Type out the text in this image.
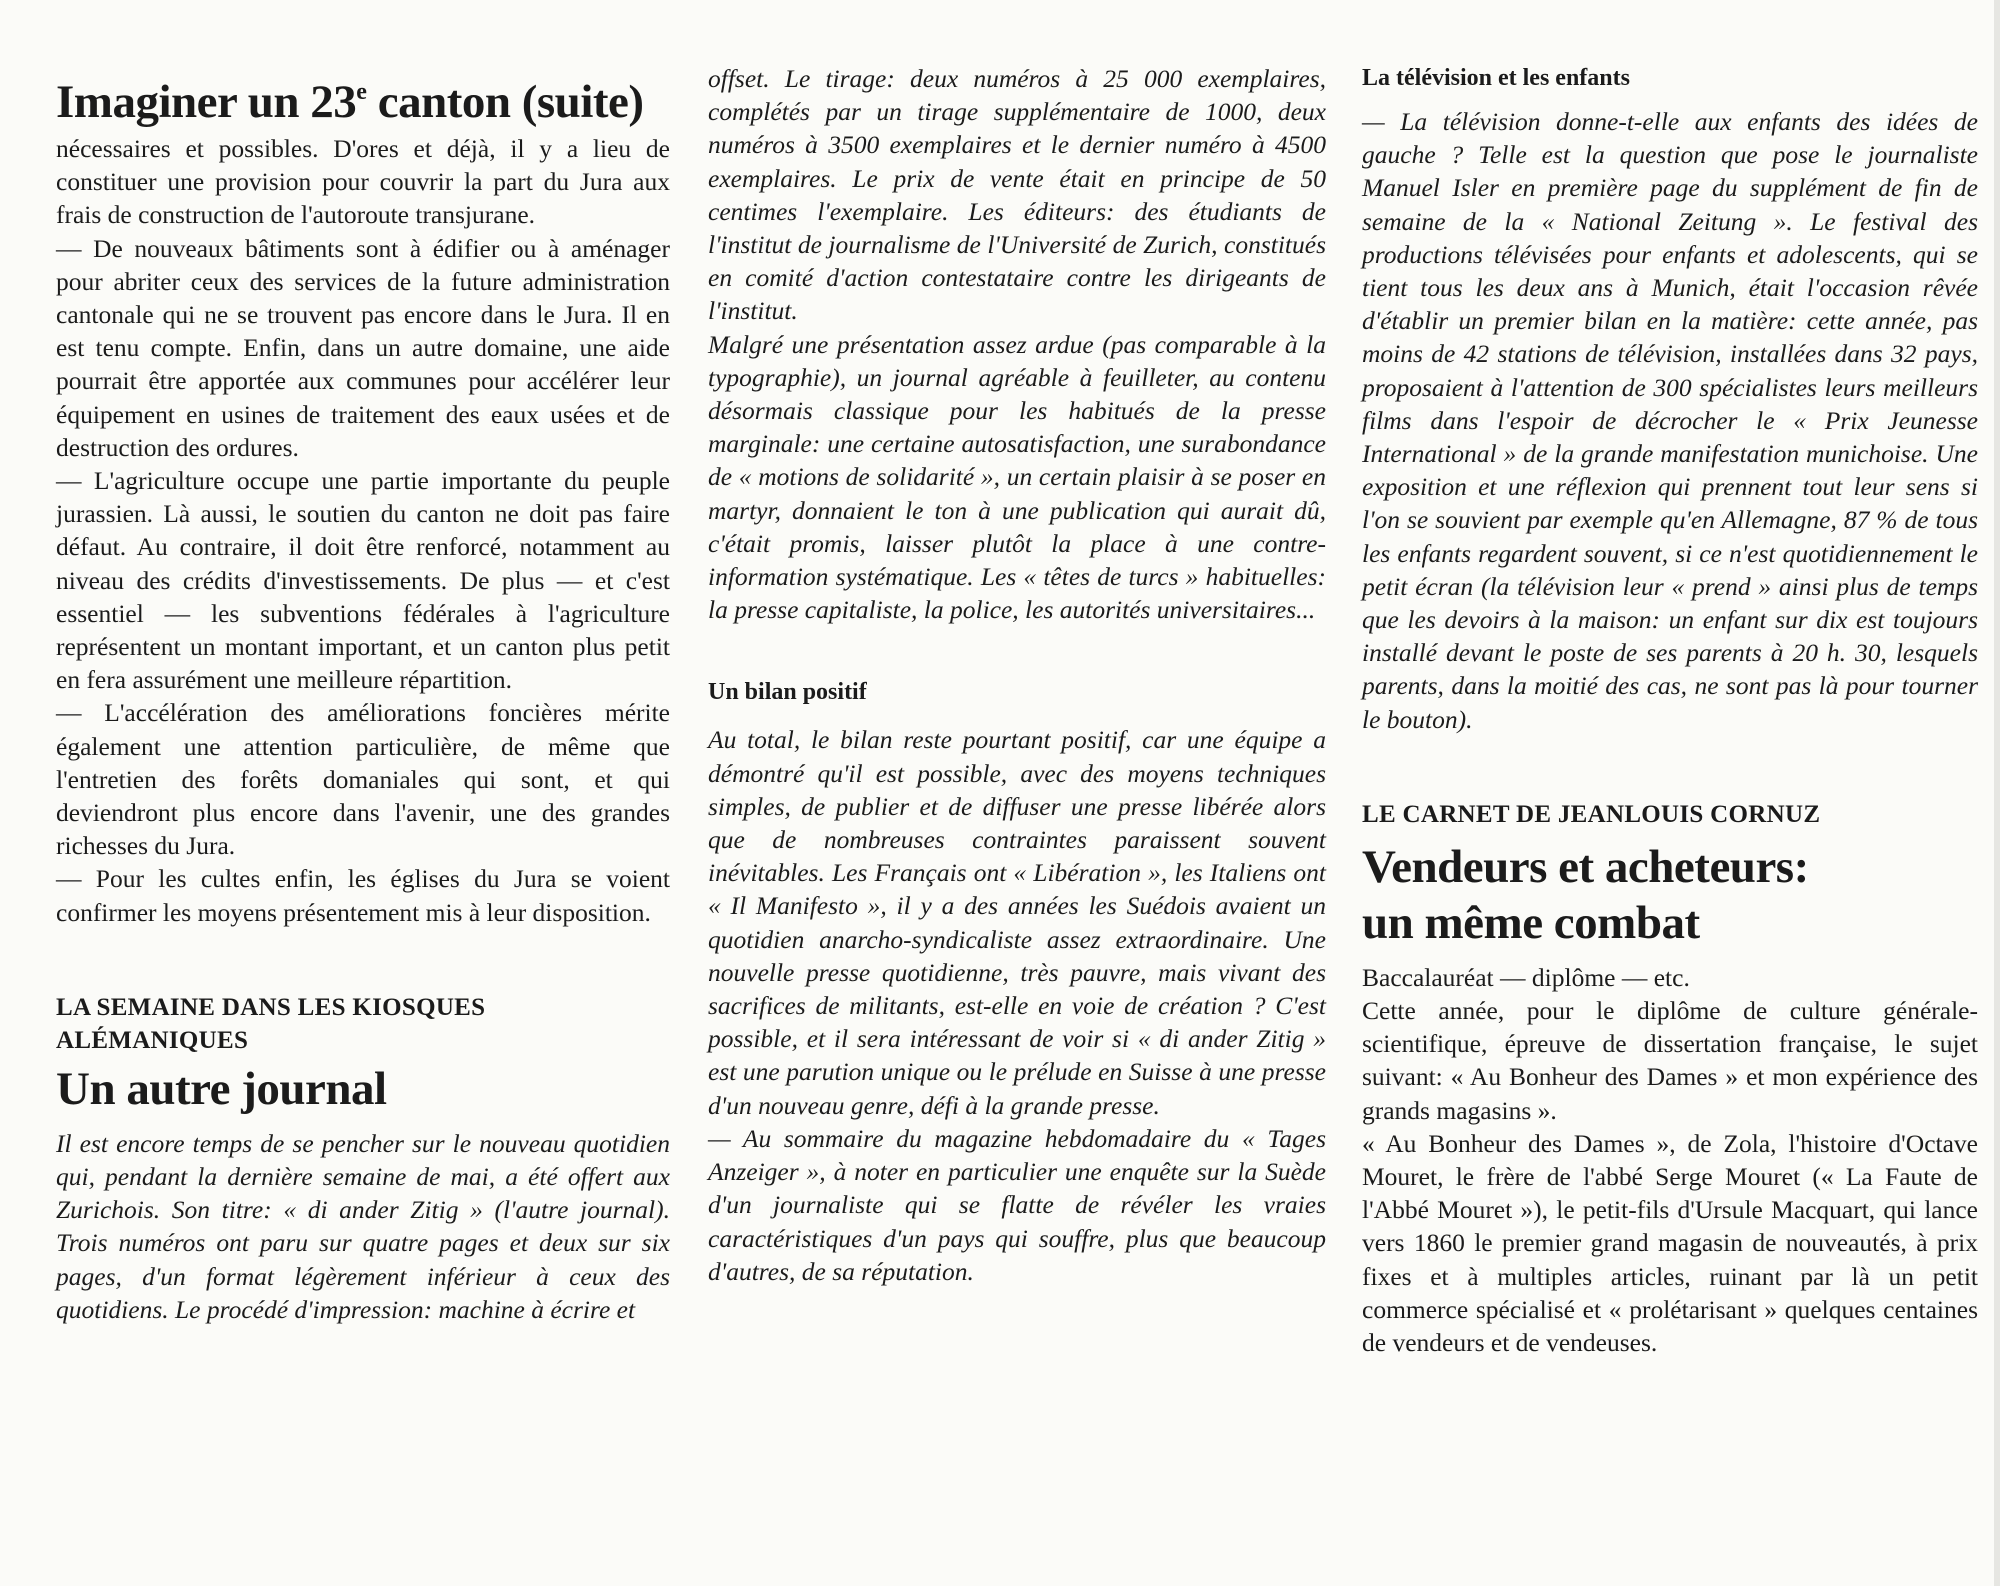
Imaginer un 23e canton (suite)

nécessaires et possibles. D'ores et déjà, il y a lieu de constituer une provision pour couvrir la part du Jura aux frais de construction de l'autoroute transjurane.

— De nouveaux bâtiments sont à édifier ou à aménager pour abriter ceux des services de la future administration cantonale qui ne se trouvent pas encore dans le Jura. Il en est tenu compte. Enfin, dans un autre domaine, une aide pourrait être apportée aux communes pour accélérer leur équipement en usines de traitement des eaux usées et de destruction des ordures.

— L'agriculture occupe une partie importante du peuple jurassien. Là aussi, le soutien du canton ne doit pas faire défaut. Au contraire, il doit être renforcé, notamment au niveau des crédits d'investissements. De plus — et c'est essentiel — les subventions fédérales à l'agriculture représentent un montant important, et un canton plus petit en fera assurément une meilleure répartition.

— L'accélération des améliorations foncières mérite également une attention particulière, de même que l'entretien des forêts domaniales qui sont, et qui deviendront plus encore dans l'avenir, une des grandes richesses du Jura.

— Pour les cultes enfin, les églises du Jura se voient confirmer les moyens présentement mis à leur disposition.

LA SEMAINE DANS LES KIOSQUES ALÉMANIQUES
Un autre journal

Il est encore temps de se pencher sur le nouveau quotidien qui, pendant la dernière semaine de mai, a été offert aux Zurichois. Son titre: « di ander Zitig » (l'autre journal). Trois numéros ont paru sur quatre pages et deux sur six pages, d'un format légèrement inférieur à ceux des quotidiens. Le procédé d'impression: machine à écrire et

offset. Le tirage: deux numéros à 25 000 exemplaires, complétés par un tirage supplémentaire de 1000, deux numéros à 3500 exemplaires et le dernier numéro à 4500 exemplaires. Le prix de vente était en principe de 50 centimes l'exemplaire. Les éditeurs: des étudiants de l'institut de journalisme de l'Université de Zurich, constitués en comité d'action contestataire contre les dirigeants de l'institut.

Malgré une présentation assez ardue (pas comparable à la typographie), un journal agréable à feuilleter, au contenu désormais classique pour les habitués de la presse marginale: une certaine autosatisfaction, une surabondance de « motions de solidarité », un certain plaisir à se poser en martyr, donnaient le ton à une publication qui aurait dû, c'était promis, laisser plutôt la place à une contre-information systématique. Les « têtes de turcs » habituelles: la presse capitaliste, la police, les autorités universitaires...

Un bilan positif

Au total, le bilan reste pourtant positif, car une équipe a démontré qu'il est possible, avec des moyens techniques simples, de publier et de diffuser une presse libérée alors que de nombreuses contraintes paraissent souvent inévitables. Les Français ont « Libération », les Italiens ont « Il Manifesto », il y a des années les Suédois avaient un quotidien anarcho-syndicaliste assez extraordinaire. Une nouvelle presse quotidienne, très pauvre, mais vivant des sacrifices de militants, est-elle en voie de création ? C'est possible, et il sera intéressant de voir si « di ander Zitig » est une parution unique ou le prélude en Suisse à une presse d'un nouveau genre, défi à la grande presse.

— Au sommaire du magazine hebdomadaire du « Tages Anzeiger », à noter en particulier une enquête sur la Suède d'un journaliste qui se flatte de révéler les vraies caractéristiques d'un pays qui souffre, plus que beaucoup d'autres, de sa réputation.

La télévision et les enfants

— La télévision donne-t-elle aux enfants des idées de gauche ? Telle est la question que pose le journaliste Manuel Isler en première page du supplément de fin de semaine de la « National Zeitung ». Le festival des productions télévisées pour enfants et adolescents, qui se tient tous les deux ans à Munich, était l'occasion rêvée d'établir un premier bilan en la matière: cette année, pas moins de 42 stations de télévision, installées dans 32 pays, proposaient à l'attention de 300 spécialistes leurs meilleurs films dans l'espoir de décrocher le « Prix Jeunesse International » de la grande manifestation munichoise. Une exposition et une réflexion qui prennent tout leur sens si l'on se souvient par exemple qu'en Allemagne, 87 % de tous les enfants regardent souvent, si ce n'est quotidiennement le petit écran (la télévision leur « prend » ainsi plus de temps que les devoirs à la maison: un enfant sur dix est toujours installé devant le poste de ses parents à 20 h. 30, lesquels parents, dans la moitié des cas, ne sont pas là pour tourner le bouton).

LE CARNET DE JEANLOUIS CORNUZ
Vendeurs et acheteurs:
un même combat

Baccalauréat — diplôme — etc.

Cette année, pour le diplôme de culture générale-scientifique, épreuve de dissertation française, le sujet suivant: « Au Bonheur des Dames » et mon expérience des grands magasins ».

« Au Bonheur des Dames », de Zola, l'histoire d'Octave Mouret, le frère de l'abbé Serge Mouret (« La Faute de l'Abbé Mouret »), le petit-fils d'Ursule Macquart, qui lance vers 1860 le premier grand magasin de nouveautés, à prix fixes et à multiples articles, ruinant par là un petit commerce spécialisé et « prolétarisant » quelques centaines de vendeurs et de vendeuses.
